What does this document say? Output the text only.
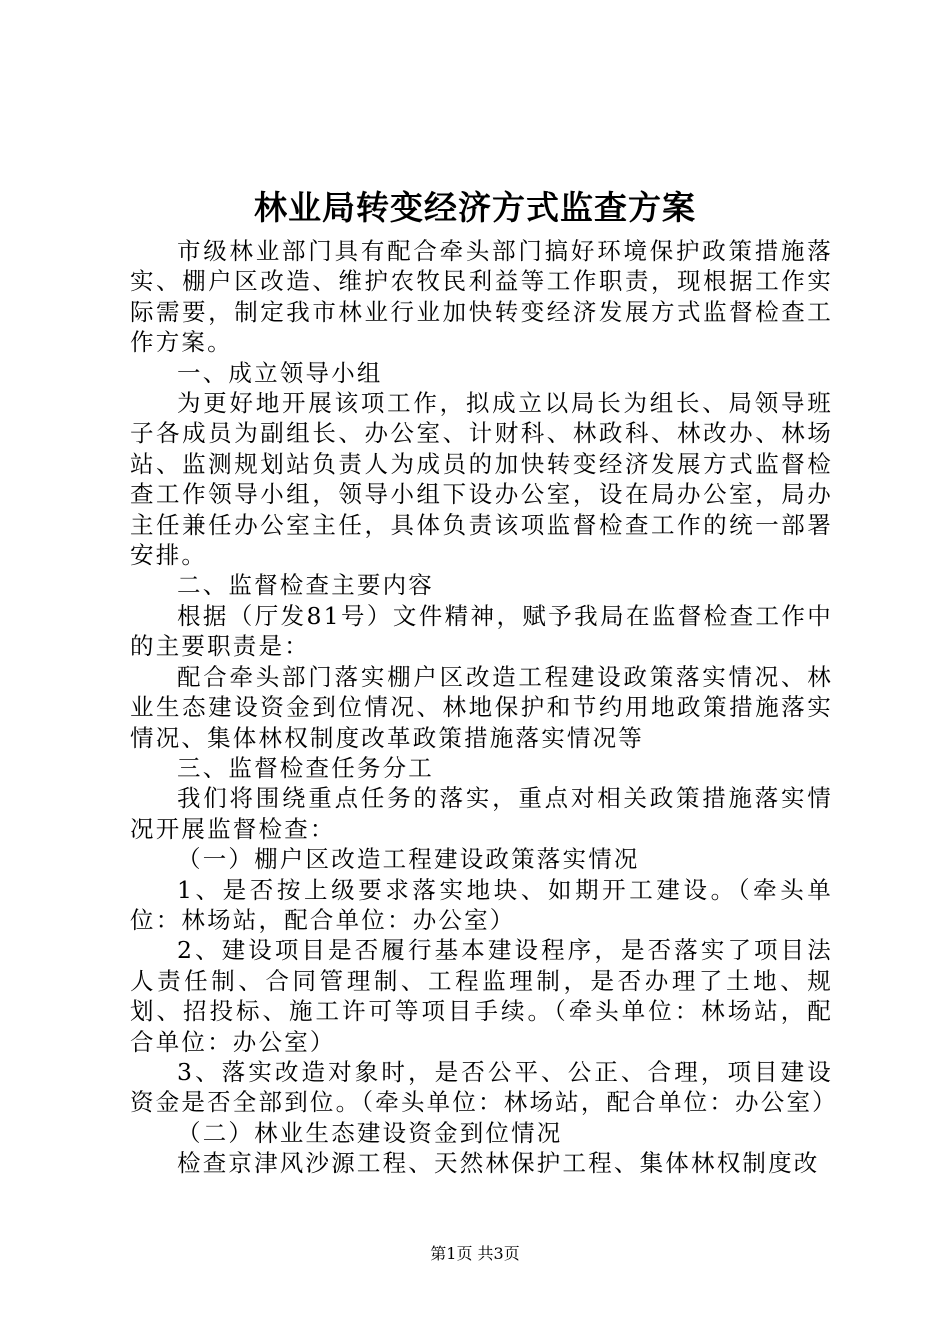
林业局转变经济方式监查方案

市级林业部门具有配合牵头部门搞好环境保护政策措施落实、棚户区改造、维护农牧民利益等工作职责，现根据工作实际需要，制定我市林业行业加快转变经济发展方式监督检查工作方案。

一、成立领导小组

为更好地开展该项工作，拟成立以局长为组长、局领导班子各成员为副组长、办公室、计财科、林政科、林改办、林场站、监测规划站负责人为成员的加快转变经济发展方式监督检查工作领导小组，领导小组下设办公室，设在局办公室，局办主任兼任办公室主任，具体负责该项监督检查工作的统一部署安排。

二、监督检查主要内容

根据（厅发81号）文件精神，赋予我局在监督检查工作中的主要职责是：

配合牵头部门落实棚户区改造工程建设政策落实情况、林业生态建设资金到位情况、林地保护和节约用地政策措施落实情况、集体林权制度改革政策措施落实情况等

三、监督检查任务分工

我们将围绕重点任务的落实，重点对相关政策措施落实情况开展监督检查：

（一）棚户区改造工程建设政策落实情况

1、是否按上级要求落实地块、如期开工建设。（牵头单位：林场站，配合单位：办公室）

2、建设项目是否履行基本建设程序，是否落实了项目法人责任制、合同管理制、工程监理制，是否办理了土地、规划、招投标、施工许可等项目手续。（牵头单位：林场站，配合单位：办公室）

3、落实改造对象时，是否公平、公正、合理，项目建设资金是否全部到位。（牵头单位：林场站，配合单位：办公室）

（二）林业生态建设资金到位情况

检查京津风沙源工程、天然林保护工程、集体林权制度改

第1页 共3页
